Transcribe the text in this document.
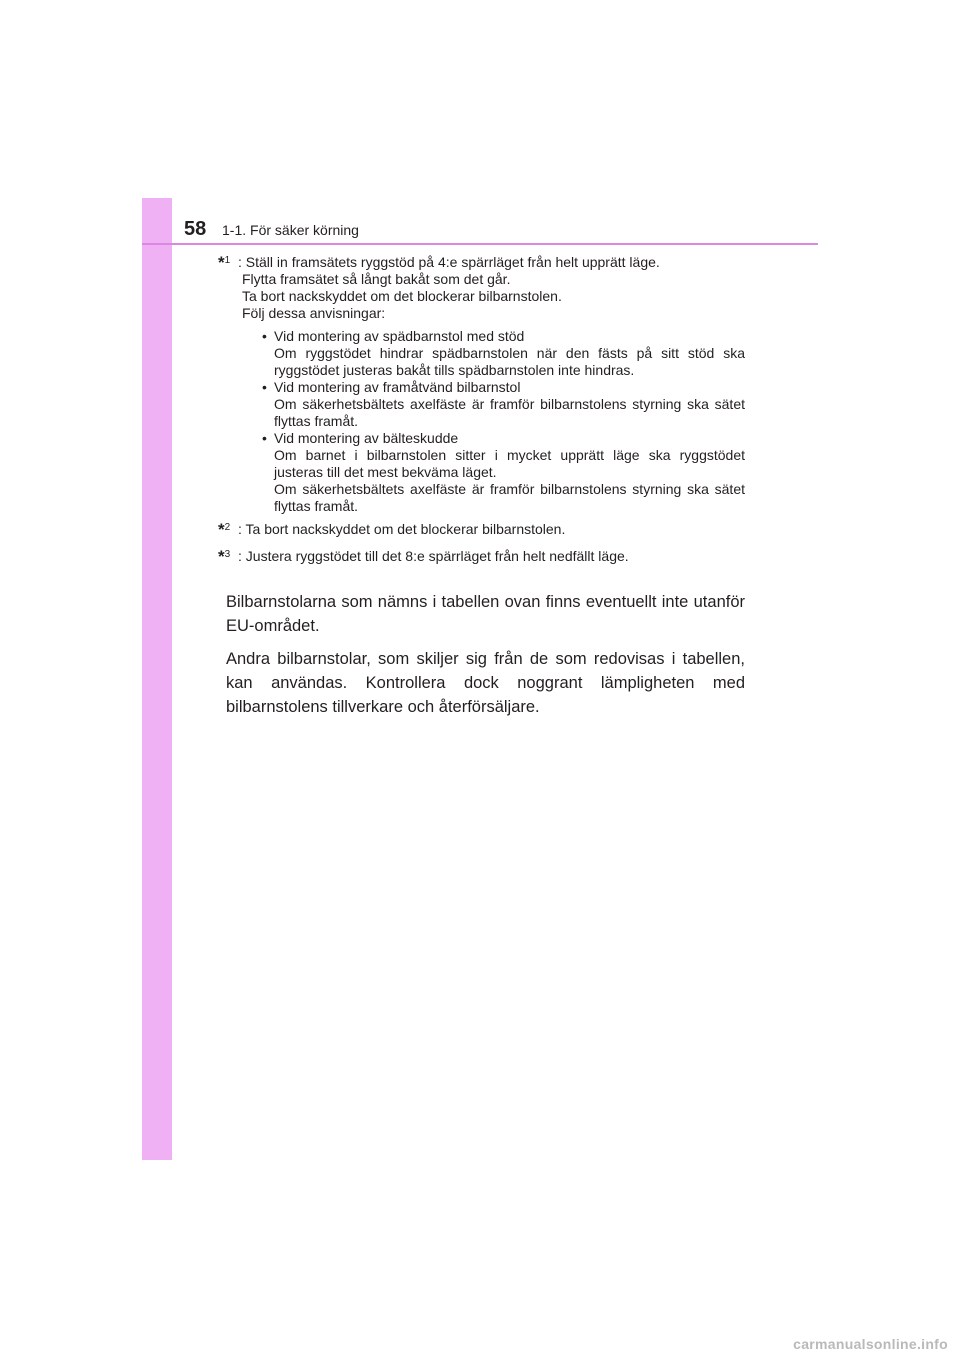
58 1-1. För säker körning
*$^1$ : Ställ in framsätets ryggstöd på 4:e spärrläget från helt upprätt läge.
Flytta framsätet så långt bakåt som det går.
Ta bort nackskyddet om det blockerar bilbarnstolen.
Följ dessa anvisningar:
• Vid montering av spädbarnstol med stöd
Om ryggstödet hindrar spädbarnstolen när den fästs på sitt stöd ska ryggstödet justeras bakåt tills spädbarnstolen inte hindras.
• Vid montering av framåtvänd bilbarnstol
Om säkerhetsbältets axelfäste är framför bilbarnstolens styrning ska sätet flyttas framåt.
• Vid montering av bälteskudde
Om barnet i bilbarnstolen sitter i mycket upprätt läge ska ryggstödet justeras till det mest bekväma läget.
Om säkerhetsbältets axelfäste är framför bilbarnstolens styrning ska sätet flyttas framåt.
*$^2$ : Ta bort nackskyddet om det blockerar bilbarnstolen.
*$^3$ : Justera ryggstödet till det 8:e spärrläget från helt nedfällt läge.

Bilbarnstolarna som nämns i tabellen ovan finns eventuellt inte utanför EU-området.

Andra bilbarnstolar, som skiljer sig från de som redovisas i tabellen, kan användas. Kontrollera dock noggrant lämpligheten med bilbarnstolens tillverkare och återförsäljare.

carmanualsonline.info
